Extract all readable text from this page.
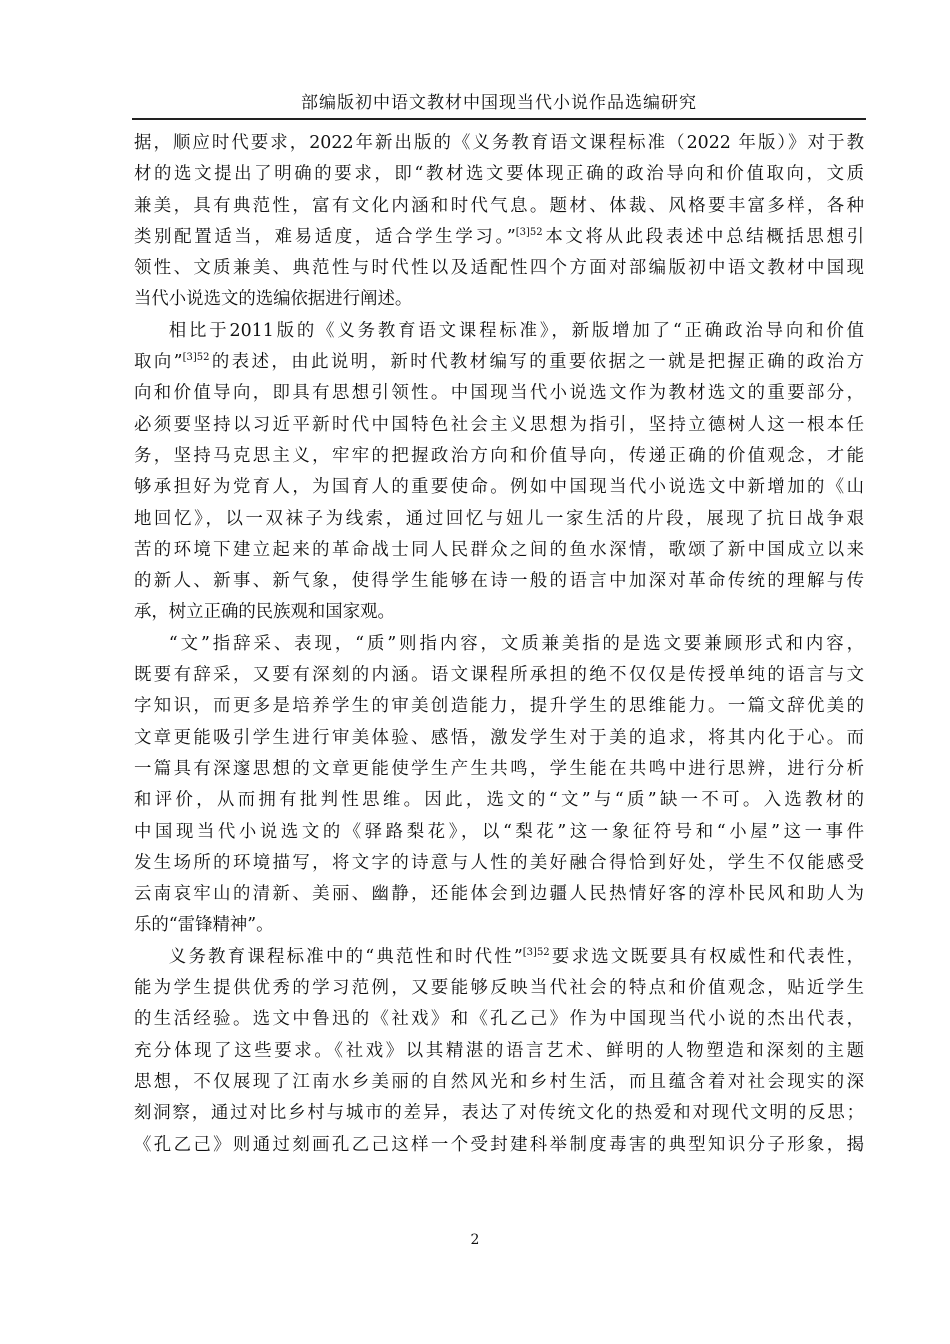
部编版初中语文教材中国现当代小说作品选编研究

据，顺应时代要求，2022年新出版的《义务教育语文课程标准（2022 年版）》对于教
材的选文提出了明确的要求，即“教材选文要体现正确的政治导向和价值取向，文质
兼美，具有典范性，富有文化内涵和时代气息。题材、体裁、风格要丰富多样，各种
类别配置适当，难易适度，适合学生学习。”$^{[3]52}$本文将从此段表述中总结概括思想引
领性、文质兼美、典范性与时代性以及适配性四个方面对部编版初中语文教材中国现
当代小说选文的选编依据进行阐述。

相比于2011版的《义务教育语文课程标准》，新版增加了“正确政治导向和价值
取向”$^{[3]52}$的表述，由此说明，新时代教材编写的重要依据之一就是把握正确的政治方
向和价值导向，即具有思想引领性。中国现当代小说选文作为教材选文的重要部分，
必须要坚持以习近平新时代中国特色社会主义思想为指引，坚持立德树人这一根本任
务，坚持马克思主义，牢牢的把握政治方向和价值导向，传递正确的价值观念，才能
够承担好为党育人，为国育人的重要使命。例如中国现当代小说选文中新增加的《山
地回忆》，以一双袜子为线索，通过回忆与妞儿一家生活的片段，展现了抗日战争艰
苦的环境下建立起来的革命战士同人民群众之间的鱼水深情，歌颂了新中国成立以来
的新人、新事、新气象，使得学生能够在诗一般的语言中加深对革命传统的理解与传
承，树立正确的民族观和国家观。

“文”指辞采、表现，“质”则指内容，文质兼美指的是选文要兼顾形式和内容，
既要有辞采，又要有深刻的内涵。语文课程所承担的绝不仅仅是传授单纯的语言与文
字知识，而更多是培养学生的审美创造能力，提升学生的思维能力。一篇文辞优美的
文章更能吸引学生进行审美体验、感悟，激发学生对于美的追求，将其内化于心。而
一篇具有深邃思想的文章更能使学生产生共鸣，学生能在共鸣中进行思辨，进行分析
和评价，从而拥有批判性思维。因此，选文的“文”与“质”缺一不可。入选教材的
中国现当代小说选文的《驿路梨花》，以“梨花”这一象征符号和“小屋”这一事件
发生场所的环境描写，将文字的诗意与人性的美好融合得恰到好处，学生不仅能感受
云南哀牢山的清新、美丽、幽静，还能体会到边疆人民热情好客的淳朴民风和助人为
乐的“雷锋精神”。

义务教育课程标准中的“典范性和时代性”$^{[3]52}$要求选文既要具有权威性和代表性，
能为学生提供优秀的学习范例，又要能够反映当代社会的特点和价值观念，贴近学生
的生活经验。选文中鲁迅的《社戏》和《孔乙己》作为中国现当代小说的杰出代表，
充分体现了这些要求。《社戏》以其精湛的语言艺术、鲜明的人物塑造和深刻的主题
思想，不仅展现了江南水乡美丽的自然风光和乡村生活，而且蕴含着对社会现实的深
刻洞察，通过对比乡村与城市的差异，表达了对传统文化的热爱和对现代文明的反思；
《孔乙己》则通过刻画孔乙己这样一个受封建科举制度毒害的典型知识分子形象，揭

2
